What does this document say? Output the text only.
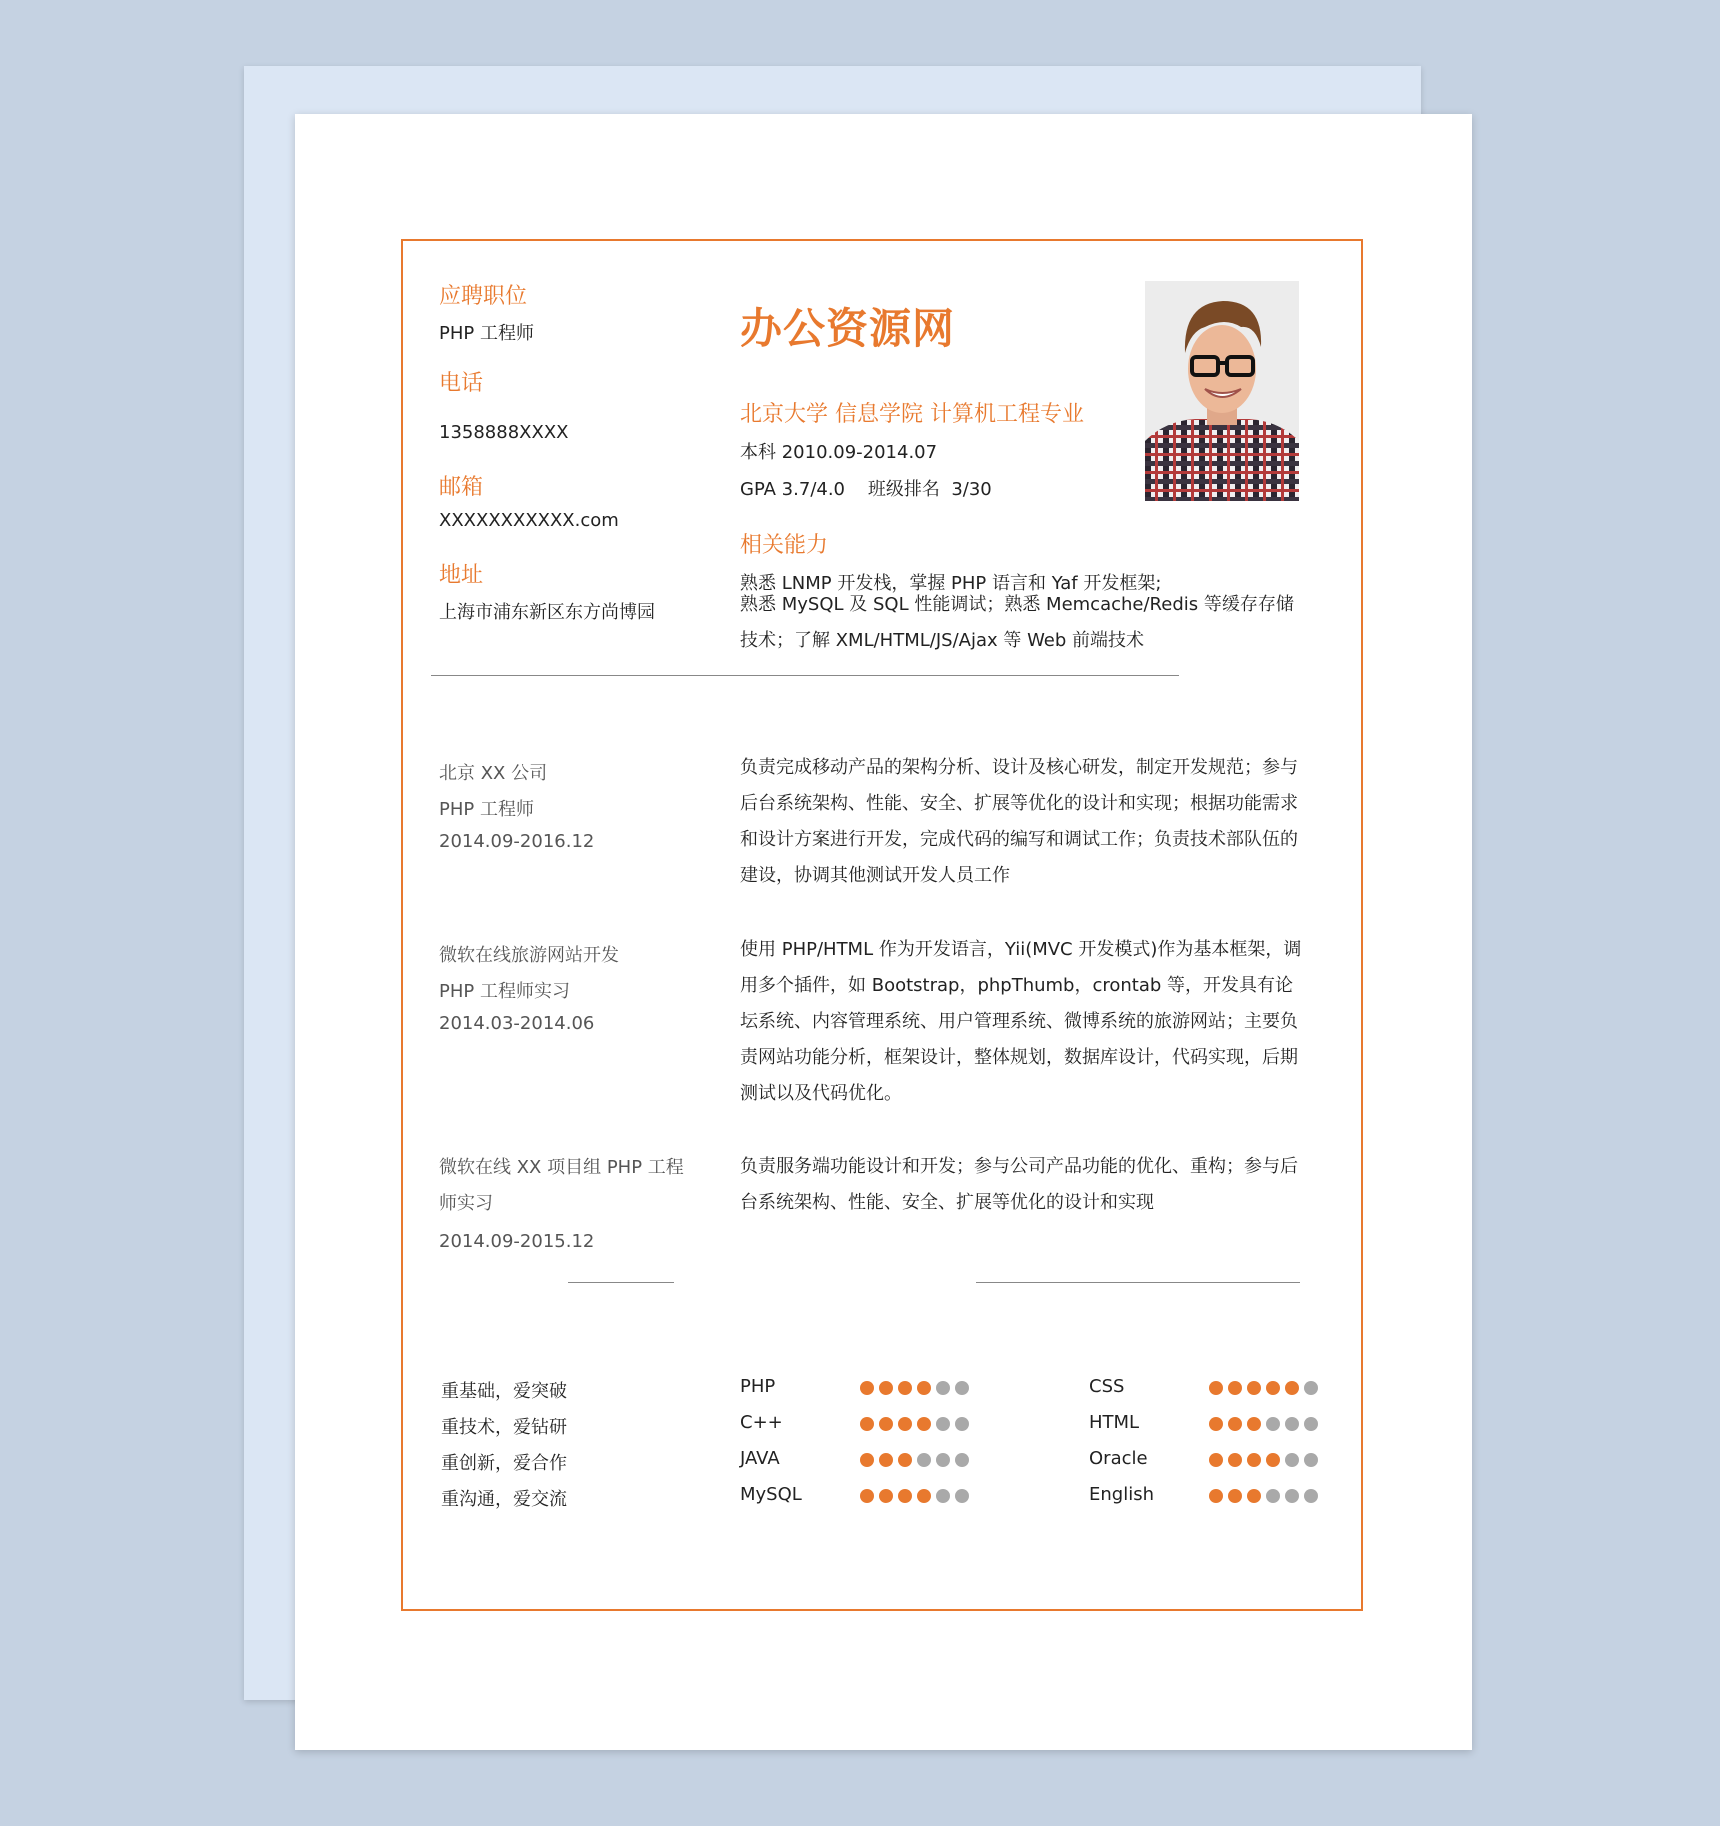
应聘职位
PHP 工程师
电话
1358888XXXX
邮箱
XXXXXXXXXXX.com
地址
上海市浦东新区东方尚博园
办公资源网
北京大学 信息学院 计算机工程专业
本科 2010.09-2014.07
GPA 3.7/4.0    班级排名  3/30
相关能力
熟悉 LNMP 开发栈，掌握 PHP 语言和 Yaf 开发框架;
熟悉 MySQL 及 SQL 性能调试；熟悉 Memcache/Redis 等缓存存储技术；了解 XML/HTML/JS/Ajax 等 Web 前端技术
北京 XX 公司
PHP 工程师
2014.09-2016.12
负责完成移动产品的架构分析、设计及核心研发，制定开发规范；参与后台系统架构、性能、安全、扩展等优化的设计和实现；根据功能需求和设计方案进行开发，完成代码的编写和调试工作；负责技术部队伍的建设，协调其他测试开发人员工作
微软在线旅游网站开发
PHP 工程师实习
2014.03-2014.06
使用 PHP/HTML 作为开发语言，Yii(MVC 开发模式)作为基本框架，调用多个插件，如 Bootstrap，phpThumb，crontab 等，开发具有论坛系统、内容管理系统、用户管理系统、微博系统的旅游网站；主要负责网站功能分析，框架设计，整体规划，数据库设计，代码实现，后期测试以及代码优化。
微软在线 XX 项目组 PHP 工程师实习
2014.09-2015.12
负责服务端功能设计和开发；参与公司产品功能的优化、重构；参与后台系统架构、性能、安全、扩展等优化的设计和实现
重基础，爱突破
重技术，爱钻研
重创新，爱合作
重沟通，爱交流
PHP
C++
JAVA
MySQL
CSS
HTML
Oracle
English
